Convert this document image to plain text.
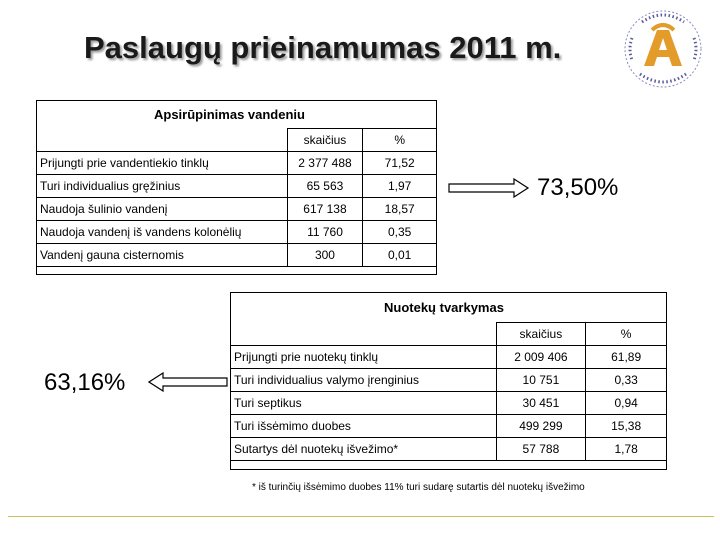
Paslaugų prieinamumas 2011 m.
Apsirūpinimas vandeniu
	skaičius	%
Prijungti prie vandentiekio tinklų	2 377 488	71,52
Turi individualius gręžinius	65 563	1,97
Naudoja šulinio vandenį	617 138	18,57
Naudoja vandenį iš vandens kolonėlių	11 760	0,35
Vandenį gauna cisternomis	300	0,01
73,50%
Nuotekų tvarkymas
	skaičius	%
Prijungti prie nuotekų tinklų	2 009 406	61,89
Turi individualius valymo įrenginius	10 751	0,33
Turi septikus	30 451	0,94
Turi išsėmimo duobes	499 299	15,38
Sutartys dėl nuotekų išvežimo*	57 788	1,78
* iš turinčių išsėmimo duobes 11% turi sudarę sutartis dėl nuotekų išvežimo
63,16%
